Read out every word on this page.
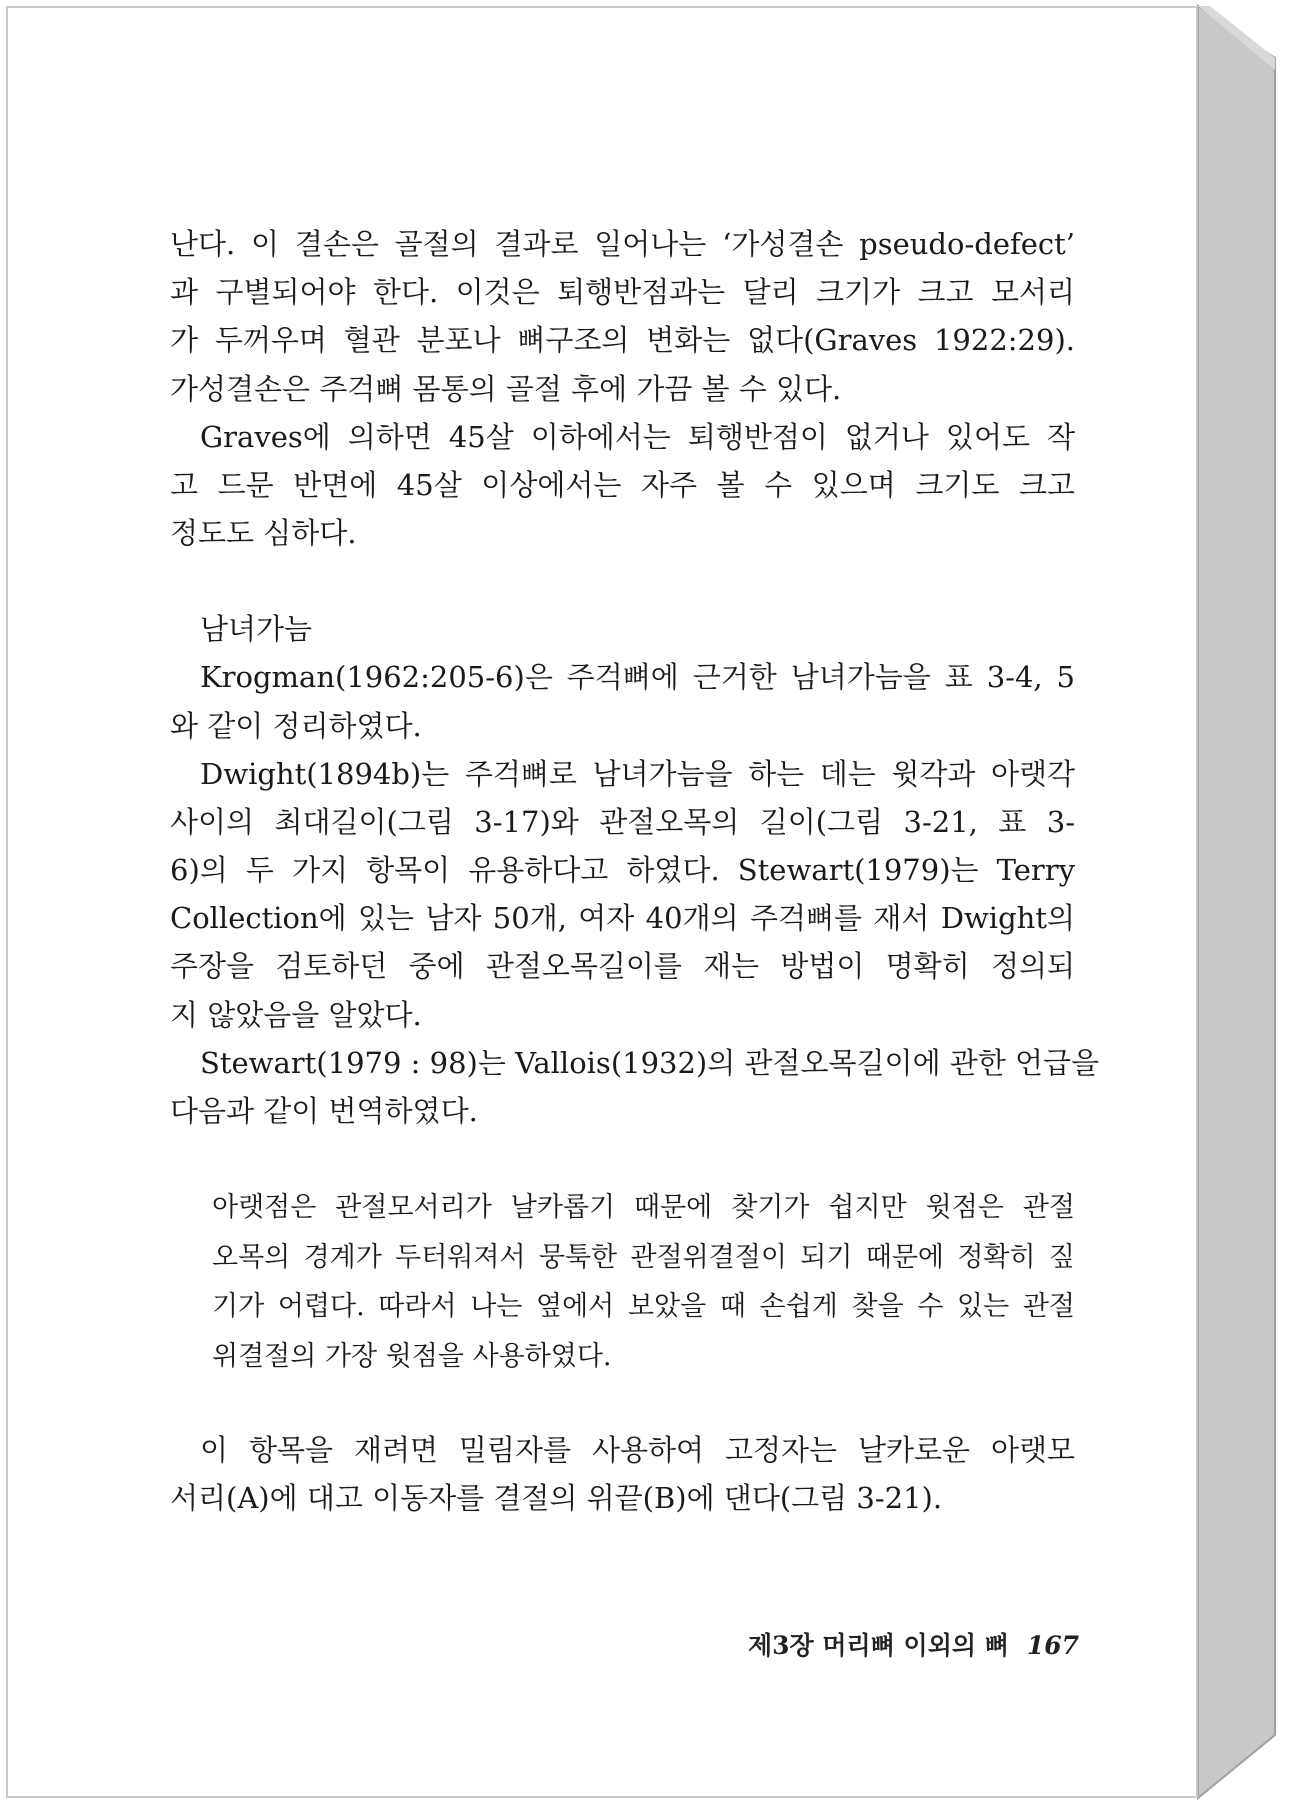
난다. 이 결손은 골절의 결과로 일어나는 ‘가성결손 pseudo-defect’
과 구별되어야 한다. 이것은 퇴행반점과는 달리 크기가 크고 모서리
가 두꺼우며 혈관 분포나 뼈구조의 변화는 없다(Graves 1922:29).
가성결손은 주걱뼈 몸통의 골절 후에 가끔 볼 수 있다.
Graves에 의하면 45살 이하에서는 퇴행반점이 없거나 있어도 작
고 드문 반면에 45살 이상에서는 자주 볼 수 있으며 크기도 크고
정도도 심하다.
남녀가늠
Krogman(1962:205-6)은 주걱뼈에 근거한 남녀가늠을 표 3-4, 5
와 같이 정리하였다.
Dwight(1894b)는 주걱뼈로 남녀가늠을 하는 데는 윗각과 아랫각
사이의 최대길이(그림 3-17)와 관절오목의 길이(그림 3-21, 표 3-
6)의 두 가지 항목이 유용하다고 하였다. Stewart(1979)는 Terry
Collection에 있는 남자 50개, 여자 40개의 주걱뼈를 재서 Dwight의
주장을 검토하던 중에 관절오목길이를 재는 방법이 명확히 정의되
지 않았음을 알았다.
Stewart(1979 : 98)는 Vallois(1932)의 관절오목길이에 관한 언급을
다음과 같이 번역하였다.
아랫점은 관절모서리가 날카롭기 때문에 찾기가 쉽지만 윗점은 관절
오목의 경계가 두터워져서 뭉툭한 관절위결절이 되기 때문에 정확히 짚
기가 어렵다. 따라서 나는 옆에서 보았을 때 손쉽게 찾을 수 있는 관절
위결절의 가장 윗점을 사용하였다.
이 항목을 재려면 밀림자를 사용하여 고정자는 날카로운 아랫모
서리(A)에 대고 이동자를 결절의 위끝(B)에 댄다(그림 3-21).
제3장 머리뼈 이외의 뼈 167
